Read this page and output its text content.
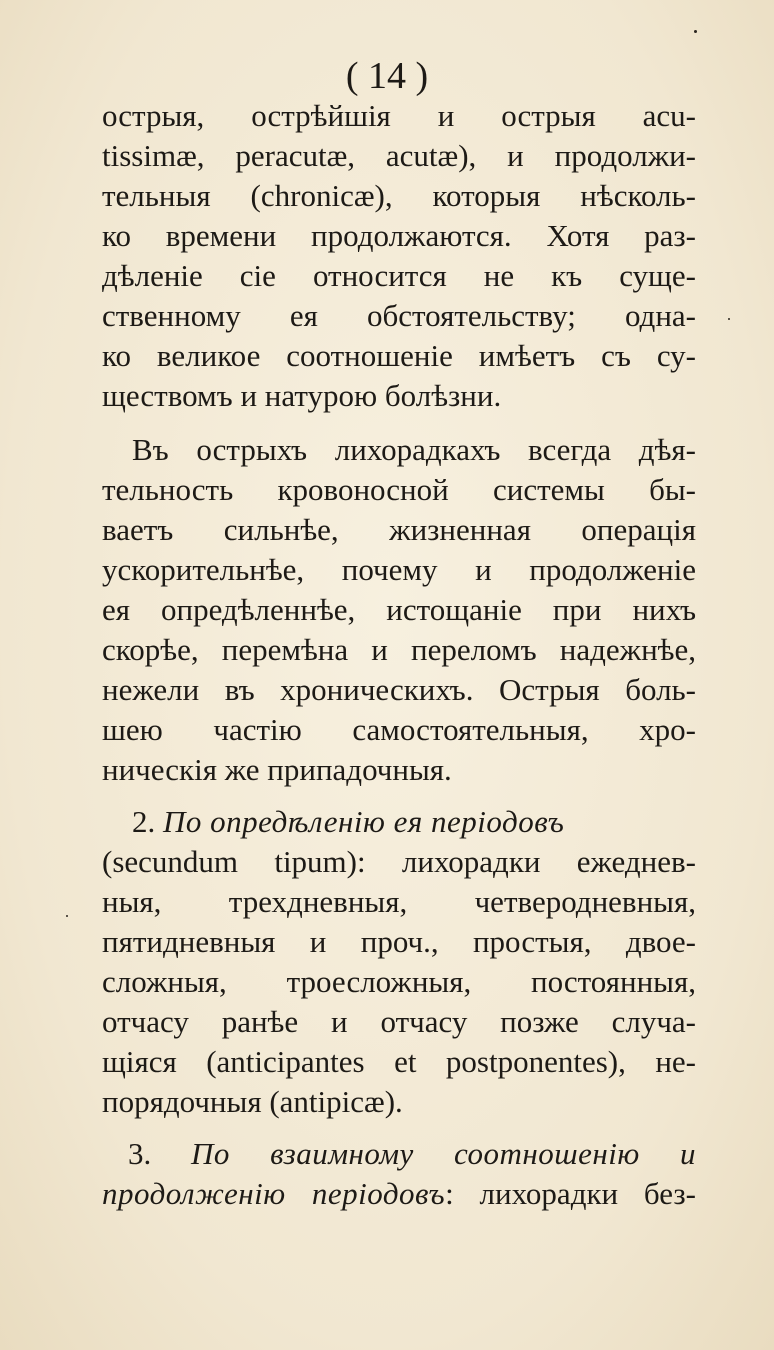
( 14 )
острыя, острѣйшія и острыя acu-
tissimæ, peracutæ, acutæ), и продолжи-
тельныя (chronicæ), которыя нѣсколь-
ко времени продолжаются. Хотя раз-
дѣленіе сіе относится не къ суще-
ственному ея обстоятельству; одна-
ко великое соотношеніе имѣетъ съ су-
ществомъ и натурою болѣзни.
Въ острыхъ лихорадкахъ всегда дѣя-
тельность кровоносной системы бы-
ваетъ сильнѣе, жизненная операція
ускорительнѣе, почему и продолженіе
ея опредѣленнѣе, истощаніе при нихъ
скорѣе, перемѣна и переломъ надежнѣе,
нежели въ хроническихъ. Острыя боль-
шею частію самостоятельныя, хро-
ническія же припадочныя.
2. По опредѣленію ея періодовъ
(secundum tipum): лихорадки ежеднев-
ныя, трехдневныя, четверодневныя,
пятидневныя и проч., простыя, двое-
сложныя, троесложныя, постоянныя,
отчасу ранѣе и отчасу позже случа-
щіяся (anticipantes et postponentes), не-
порядочныя (antipicæ).
3. По взаимному соотношенію и
продолженію періодовъ: лихорадки без-
